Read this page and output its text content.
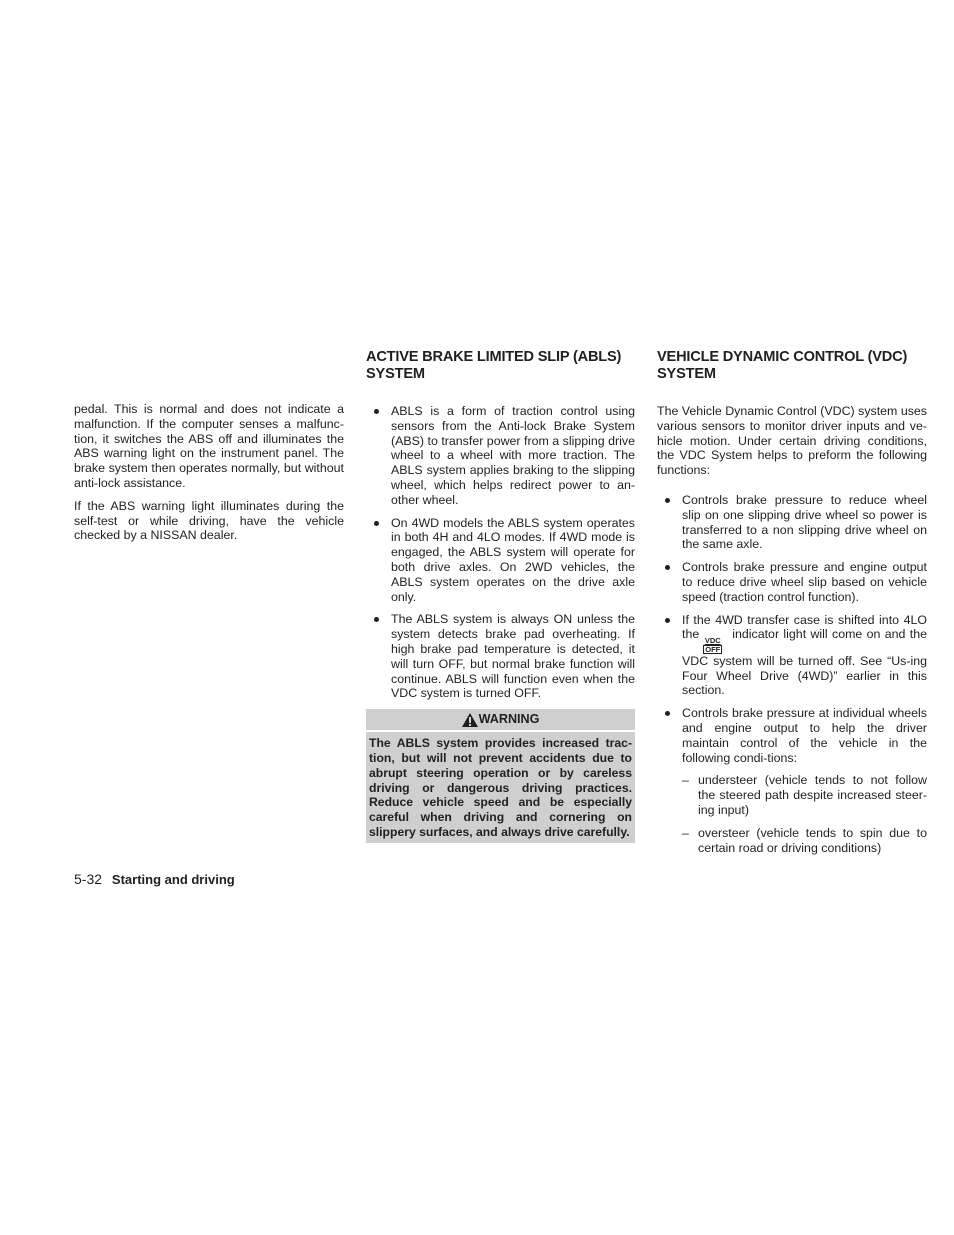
pedal. This is normal and does not indicate a malfunction. If the computer senses a malfunc-tion, it switches the ABS off and illuminates the ABS warning light on the instrument panel. The brake system then operates normally, but without anti-lock assistance.

If the ABS warning light illuminates during the self-test or while driving, have the vehicle checked by a NISSAN dealer.

ACTIVE BRAKE LIMITED SLIP (ABLS) SYSTEM
ABLS is a form of traction control using sensors from the Anti-lock Brake System (ABS) to transfer power from a slipping drive wheel to a wheel with more traction. The ABLS system applies braking to the slipping wheel, which helps redirect power to an-other wheel.
On 4WD models the ABLS system operates in both 4H and 4LO modes. If 4WD mode is engaged, the ABLS system will operate for both drive axles. On 2WD vehicles, the ABLS system operates on the drive axle only.
The ABLS system is always ON unless the system detects brake pad overheating. If high brake pad temperature is detected, it will turn OFF, but normal brake function will continue. ABLS will function even when the VDC system is turned OFF.
WARNING
The ABLS system provides increased trac-tion, but will not prevent accidents due to abrupt steering operation or by careless driving or dangerous driving practices. Reduce vehicle speed and be especially careful when driving and cornering on slippery surfaces, and always drive carefully.
VEHICLE DYNAMIC CONTROL (VDC) SYSTEM

The Vehicle Dynamic Control (VDC) system uses various sensors to monitor driver inputs and ve-hicle motion. Under certain driving conditions, the VDC System helps to preform the following functions:

Controls brake pressure to reduce wheel slip on one slipping drive wheel so power is transferred to a non slipping drive wheel on the same axle.
Controls brake pressure and engine output to reduce drive wheel slip based on vehicle speed (traction control function).
If the 4WD transfer case is shifted into 4LO the VDC
OFF
indicator light will come on and the VDC system will be turned off. See “Us-ing Four Wheel Drive (4WD)” earlier in this section.
Controls brake pressure at individual wheels and engine output to help the driver maintain control of the vehicle in the following condi-tions:
– understeer (vehicle tends to not follow the steered path despite increased steer-ing input)
– oversteer (vehicle tends to spin due to certain road or driving conditions)
5-32 Starting and driving
